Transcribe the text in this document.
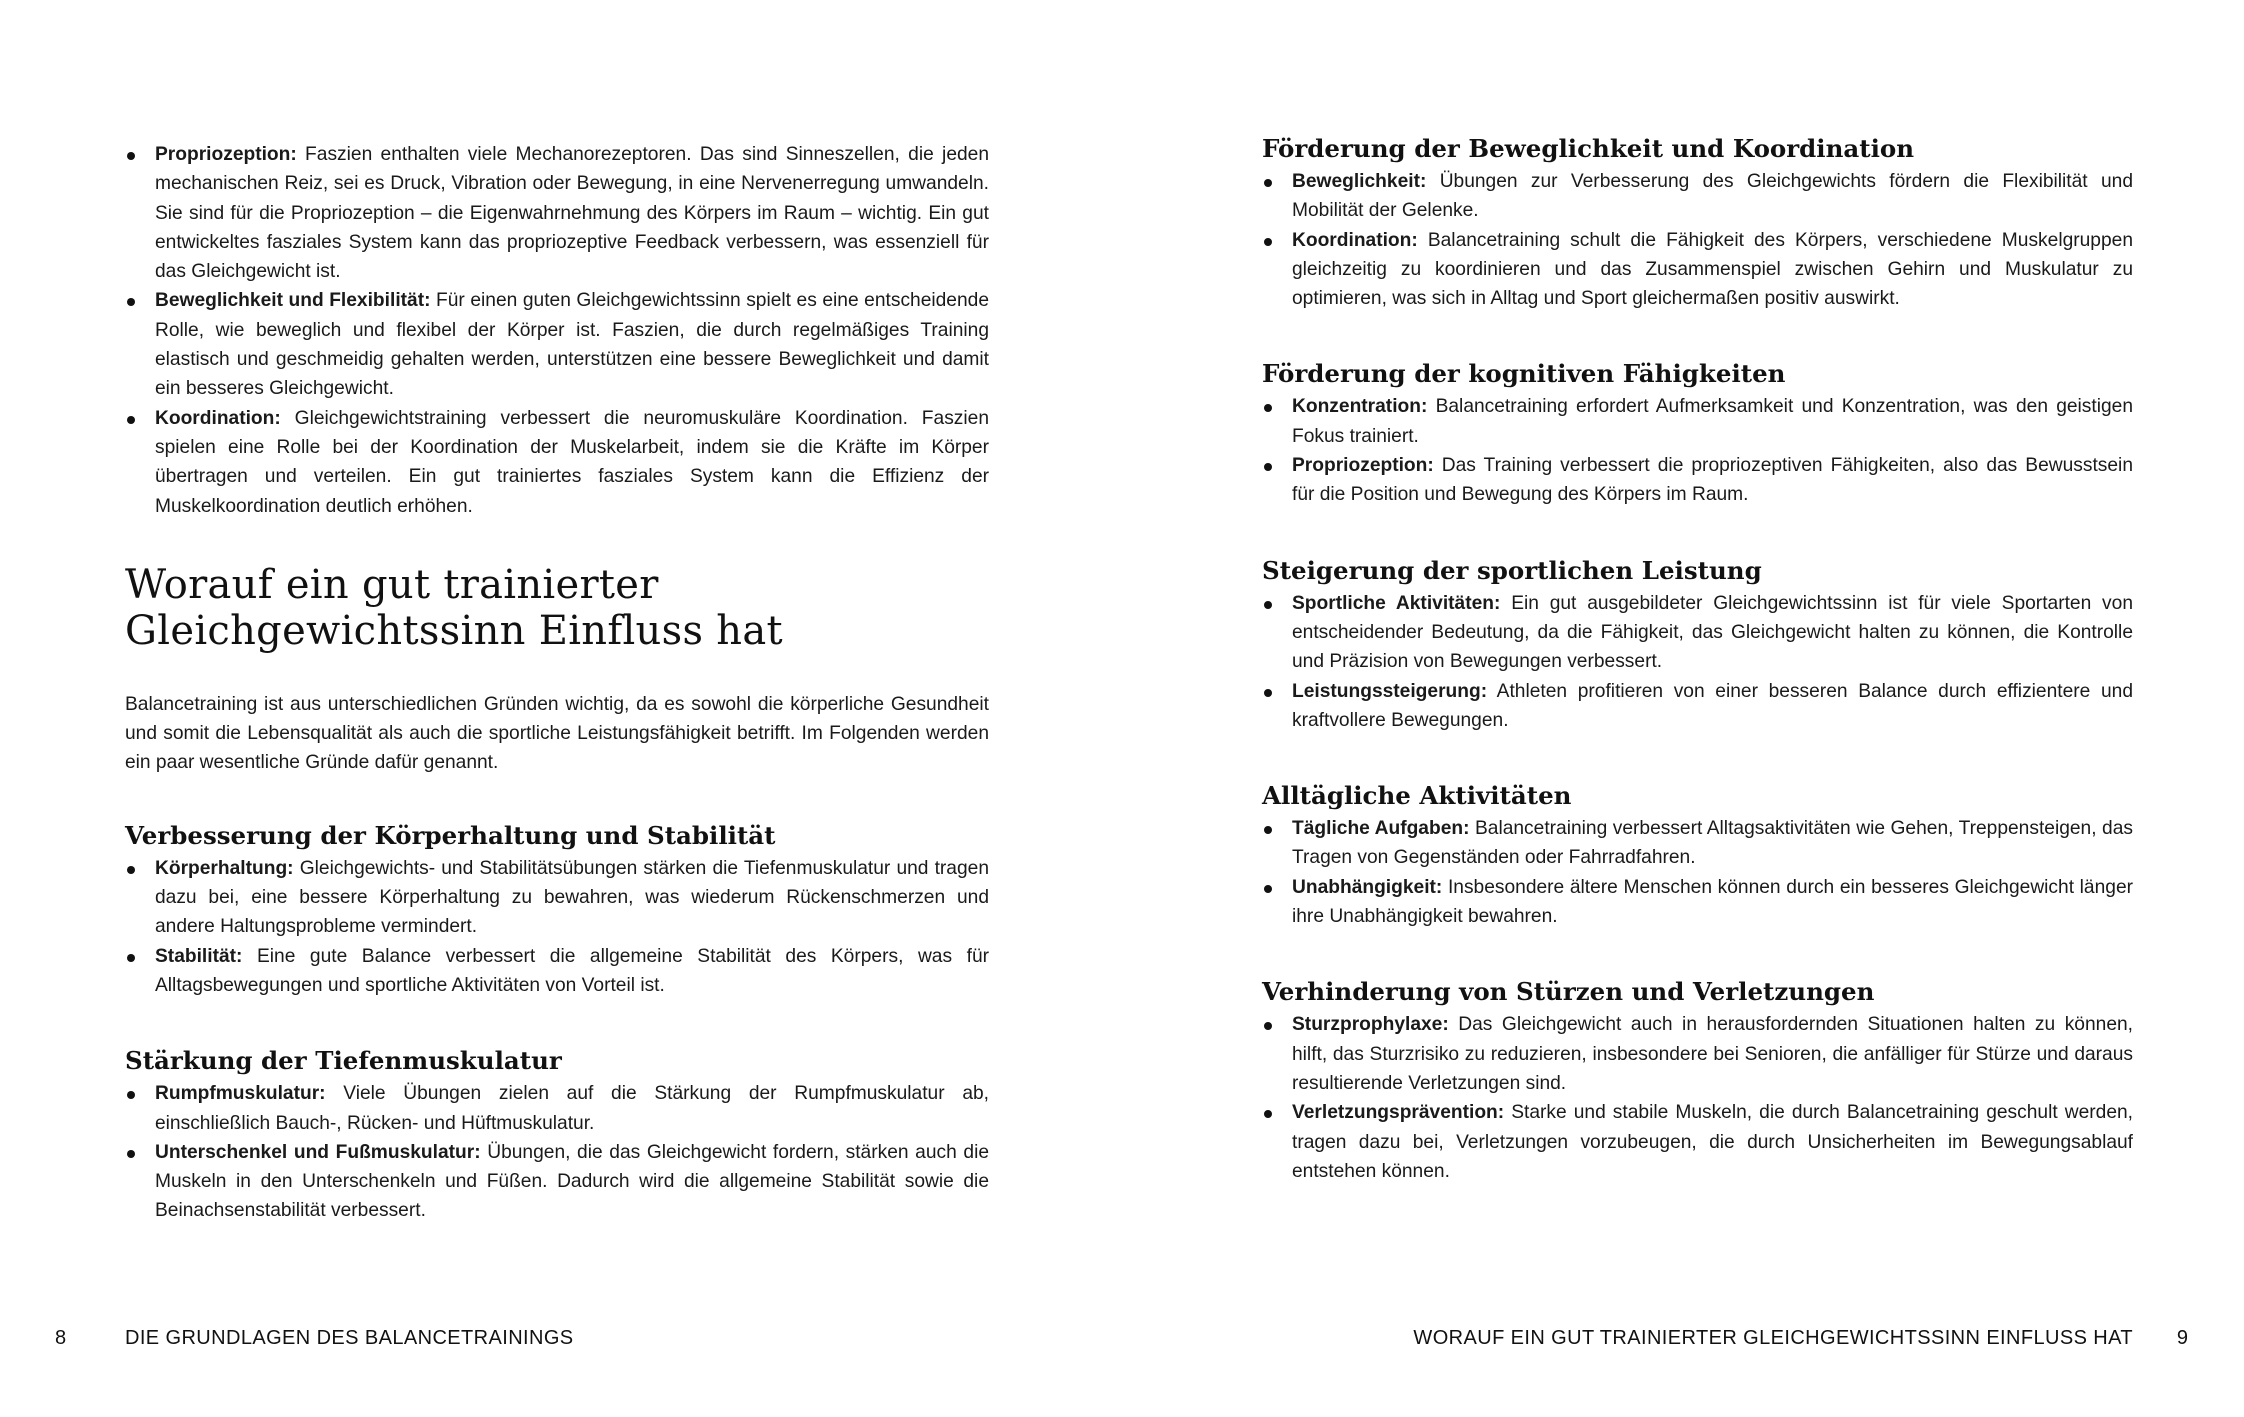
Propriozeption: Faszien enthalten viele Mechanorezeptoren. Das sind Sinneszellen, die jeden mechanischen Reiz, sei es Druck, Vibration oder Bewegung, in eine Nervenerregung umwandeln. Sie sind für die Propriozeption – die Eigenwahrnehmung des Körpers im Raum – wichtig. Ein gut entwickeltes fasziales System kann das propriozeptive Feedback verbessern, was essenziell für das Gleichgewicht ist.
Beweglichkeit und Flexibilität: Für einen guten Gleichgewichtssinn spielt es eine entscheidende Rolle, wie beweglich und flexibel der Körper ist. Faszien, die durch regelmäßiges Training elastisch und geschmeidig gehalten werden, unterstützen eine bessere Beweglichkeit und damit ein besseres Gleichgewicht.
Koordination: Gleichgewichtstraining verbessert die neuromuskuläre Koordination. Faszien spielen eine Rolle bei der Koordination der Muskelarbeit, indem sie die Kräfte im Körper übertragen und verteilen. Ein gut trainiertes fasziales System kann die Effizienz der Muskelkoordination deutlich erhöhen.
Worauf ein gut trainierter
Gleichgewichtssinn Einfluss hat

Balancetraining ist aus unterschiedlichen Gründen wichtig, da es sowohl die körperliche Gesundheit und somit die Lebensqualität als auch die sportliche Leistungsfähigkeit betrifft. Im Folgenden werden ein paar wesentliche Gründe dafür genannt.

Verbesserung der Körperhaltung und Stabilität
Körperhaltung: Gleichgewichts- und Stabilitätsübungen stärken die Tiefenmuskulatur und tragen dazu bei, eine bessere Körperhaltung zu bewahren, was wiederum Rückenschmerzen und andere Haltungsprobleme vermindert.
Stabilität: Eine gute Balance verbessert die allgemeine Stabilität des Körpers, was für Alltagsbewegungen und sportliche Aktivitäten von Vorteil ist.
Stärkung der Tiefenmuskulatur
Rumpfmuskulatur: Viele Übungen zielen auf die Stärkung der Rumpfmuskulatur ab, einschließlich Bauch-, Rücken- und Hüftmuskulatur.
Unterschenkel und Fußmuskulatur: Übungen, die das Gleichgewicht fordern, stärken auch die Muskeln in den Unterschenkeln und Füßen. Dadurch wird die allgemeine Stabilität sowie die Beinachsenstabilität verbessert.
8	DIE GRUNDLAGEN DES BALANCETRAININGS
Förderung der Beweglichkeit und Koordination
Beweglichkeit: Übungen zur Verbesserung des Gleichgewichts fördern die Flexibilität und Mobilität der Gelenke.
Koordination: Balancetraining schult die Fähigkeit des Körpers, verschiedene Muskelgruppen gleichzeitig zu koordinieren und das Zusammenspiel zwischen Gehirn und Muskulatur zu optimieren, was sich in Alltag und Sport gleichermaßen positiv auswirkt.
Förderung der kognitiven Fähigkeiten
Konzentration: Balancetraining erfordert Aufmerksamkeit und Konzentration, was den geistigen Fokus trainiert.
Propriozeption: Das Training verbessert die propriozeptiven Fähigkeiten, also das Bewusstsein für die Position und Bewegung des Körpers im Raum.
Steigerung der sportlichen Leistung
Sportliche Aktivitäten: Ein gut ausgebildeter Gleichgewichtssinn ist für viele Sportarten von entscheidender Bedeutung, da die Fähigkeit, das Gleichgewicht halten zu können, die Kontrolle und Präzision von Bewegungen verbessert.
Leistungssteigerung: Athleten profitieren von einer besseren Balance durch effizientere und kraftvollere Bewegungen.
Alltägliche Aktivitäten
Tägliche Aufgaben: Balancetraining verbessert Alltagsaktivitäten wie Gehen, Treppensteigen, das Tragen von Gegenständen oder Fahrradfahren.
Unabhängigkeit: Insbesondere ältere Menschen können durch ein besseres Gleichgewicht länger ihre Unabhängigkeit bewahren.
Verhinderung von Stürzen und Verletzungen
Sturzprophylaxe: Das Gleichgewicht auch in herausfordernden Situationen halten zu können, hilft, das Sturzrisiko zu reduzieren, insbesondere bei Senioren, die anfälliger für Stürze und daraus resultierende Verletzungen sind.
Verletzungsprävention: Starke und stabile Muskeln, die durch Balancetraining geschult werden, tragen dazu bei, Verletzungen vorzubeugen, die durch Unsicherheiten im Bewegungsablauf entstehen können.
WORAUF EIN GUT TRAINIERTER GLEICHGEWICHTSSINN EINFLUSS HAT 9
